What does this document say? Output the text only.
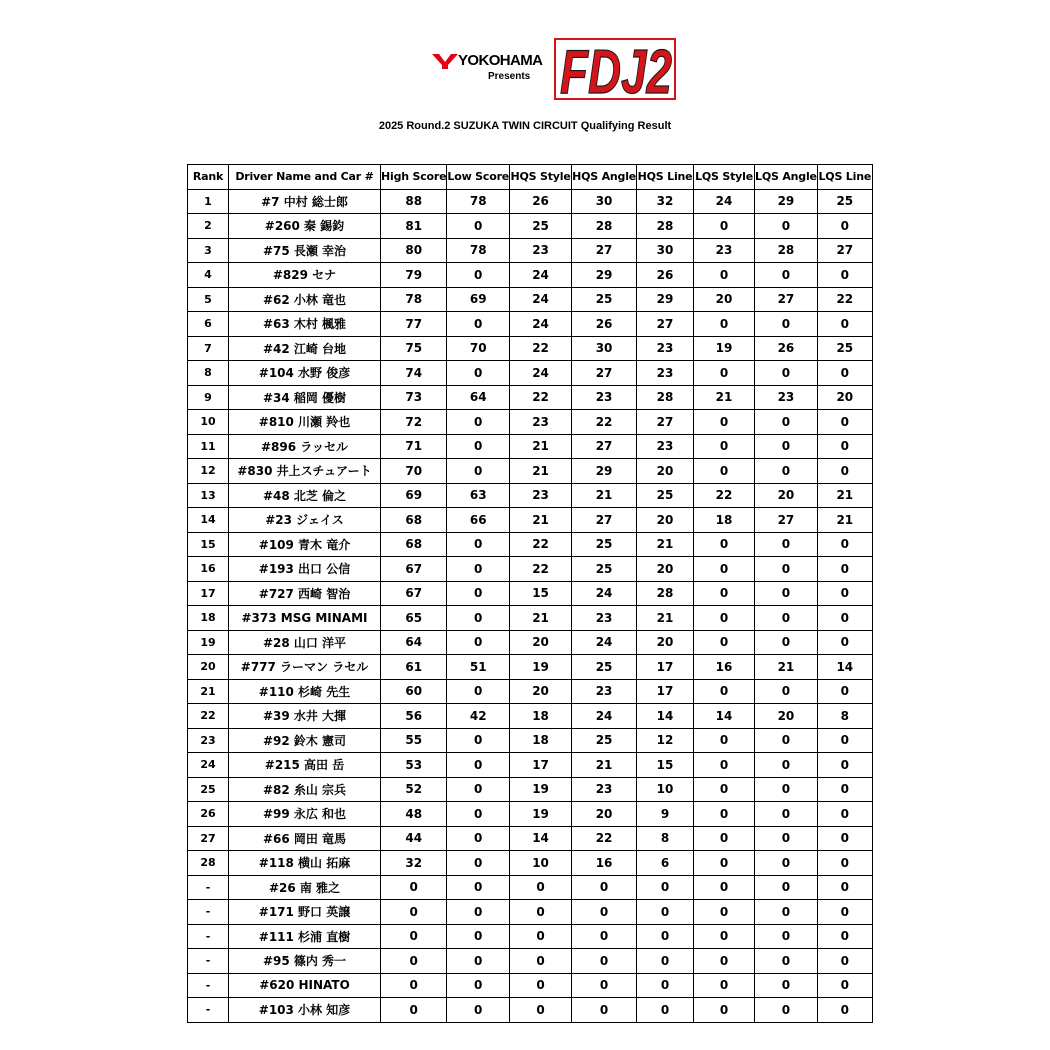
YOKOHAMA
Presents FDJ2
2025 Round.2 SUZUKA TWIN CIRCUIT Qualifying Result
Rank	Driver Name and Car #	High Score	Low Score	HQS Style	HQS Angle	HQS Line	LQS Style	LQS Angle	LQS Line
1	#7 中村 総士郎	88	78	26	30	32	24	29	25
2	#260 秦 錫鈞	81	0	25	28	28	0	0	0
3	#75 長瀬 幸治	80	78	23	27	30	23	28	27
4	#829 セナ	79	0	24	29	26	0	0	0
5	#62 小林 竜也	78	69	24	25	29	20	27	22
6	#63 木村 楓雅	77	0	24	26	27	0	0	0
7	#42 江崎 台地	75	70	22	30	23	19	26	25
8	#104 水野 俊彦	74	0	24	27	23	0	0	0
9	#34 稲岡 優樹	73	64	22	23	28	21	23	20
10	#810 川瀬 羚也	72	0	23	22	27	0	0	0
11	#896 ラッセル	71	0	21	27	23	0	0	0
12	#830 井上スチュアート	70	0	21	29	20	0	0	0
13	#48 北芝 倫之	69	63	23	21	25	22	20	21
14	#23 ジェイス	68	66	21	27	20	18	27	21
15	#109 青木 竜介	68	0	22	25	21	0	0	0
16	#193 出口 公信	67	0	22	25	20	0	0	0
17	#727 西崎 智治	67	0	15	24	28	0	0	0
18	#373 MSG MINAMI	65	0	21	23	21	0	0	0
19	#28 山口 洋平	64	0	20	24	20	0	0	0
20	#777 ラーマン ラセル	61	51	19	25	17	16	21	14
21	#110 杉崎 先生	60	0	20	23	17	0	0	0
22	#39 水井 大揮	56	42	18	24	14	14	20	8
23	#92 鈴木 憲司	55	0	18	25	12	0	0	0
24	#215 高田 岳	53	0	17	21	15	0	0	0
25	#82 糸山 宗兵	52	0	19	23	10	0	0	0
26	#99 永広 和也	48	0	19	20	9	0	0	0
27	#66 岡田 竜馬	44	0	14	22	8	0	0	0
28	#118 横山 拓麻	32	0	10	16	6	0	0	0
-	#26 南 雅之	0	0	0	0	0	0	0	0
-	#171 野口 英譲	0	0	0	0	0	0	0	0
-	#111 杉浦 直樹	0	0	0	0	0	0	0	0
-	#95 篠内 秀一	0	0	0	0	0	0	0	0
-	#620 HINATO	0	0	0	0	0	0	0	0
-	#103 小林 知彦	0	0	0	0	0	0	0	0
